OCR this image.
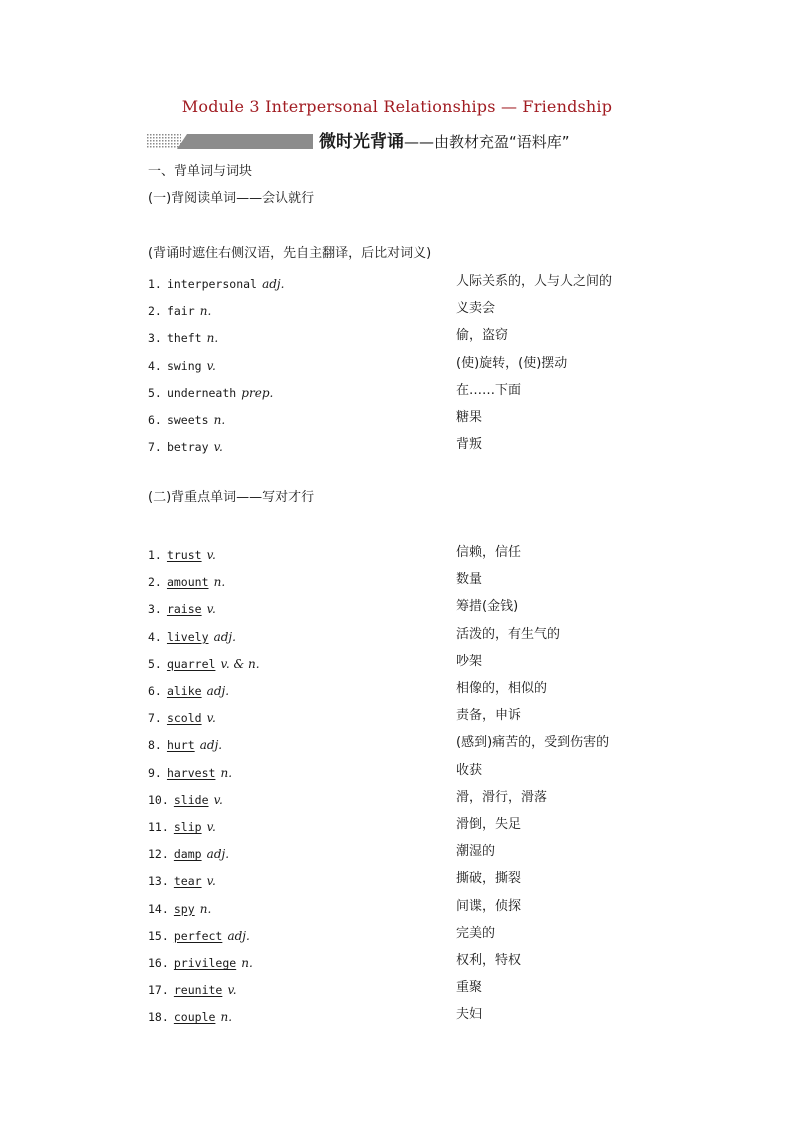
Module 3 Interpersonal Relationships — Friendship
微时光背诵——由教材充盈“语料库”
一、背单词与词块
(一)背阅读单词——会认就行
(背诵时遮住右侧汉语，先自主翻译，后比对词义)
1. interpersonal adj.	人际关系的，人与人之间的
2. fair n.	义卖会
3. theft n.	偷，盗窃
4. swing v.	(使)旋转，(使)摆动
5. underneath prep.	在……下面
6. sweets n.	糖果
7. betray v.	背叛
(二)背重点单词——写对才行
1. trust v.	信赖，信任
2. amount n.	数量
3. raise v.	筹措(金钱)
4. lively adj.	活泼的，有生气的
5. quarrel v. & n.	吵架
6. alike adj.	相像的，相似的
7. scold v.	责备，申诉
8. hurt adj.	(感到)痛苦的，受到伤害的
9. harvest n.	收获
10. slide v.	滑，滑行，滑落
11. slip v.	滑倒，失足
12. damp adj.	潮湿的
13. tear v.	撕破，撕裂
14. spy n.	间谍，侦探
15. perfect adj.	完美的
16. privilege n.	权利，特权
17. reunite v.	重聚
18. couple n.	夫妇
